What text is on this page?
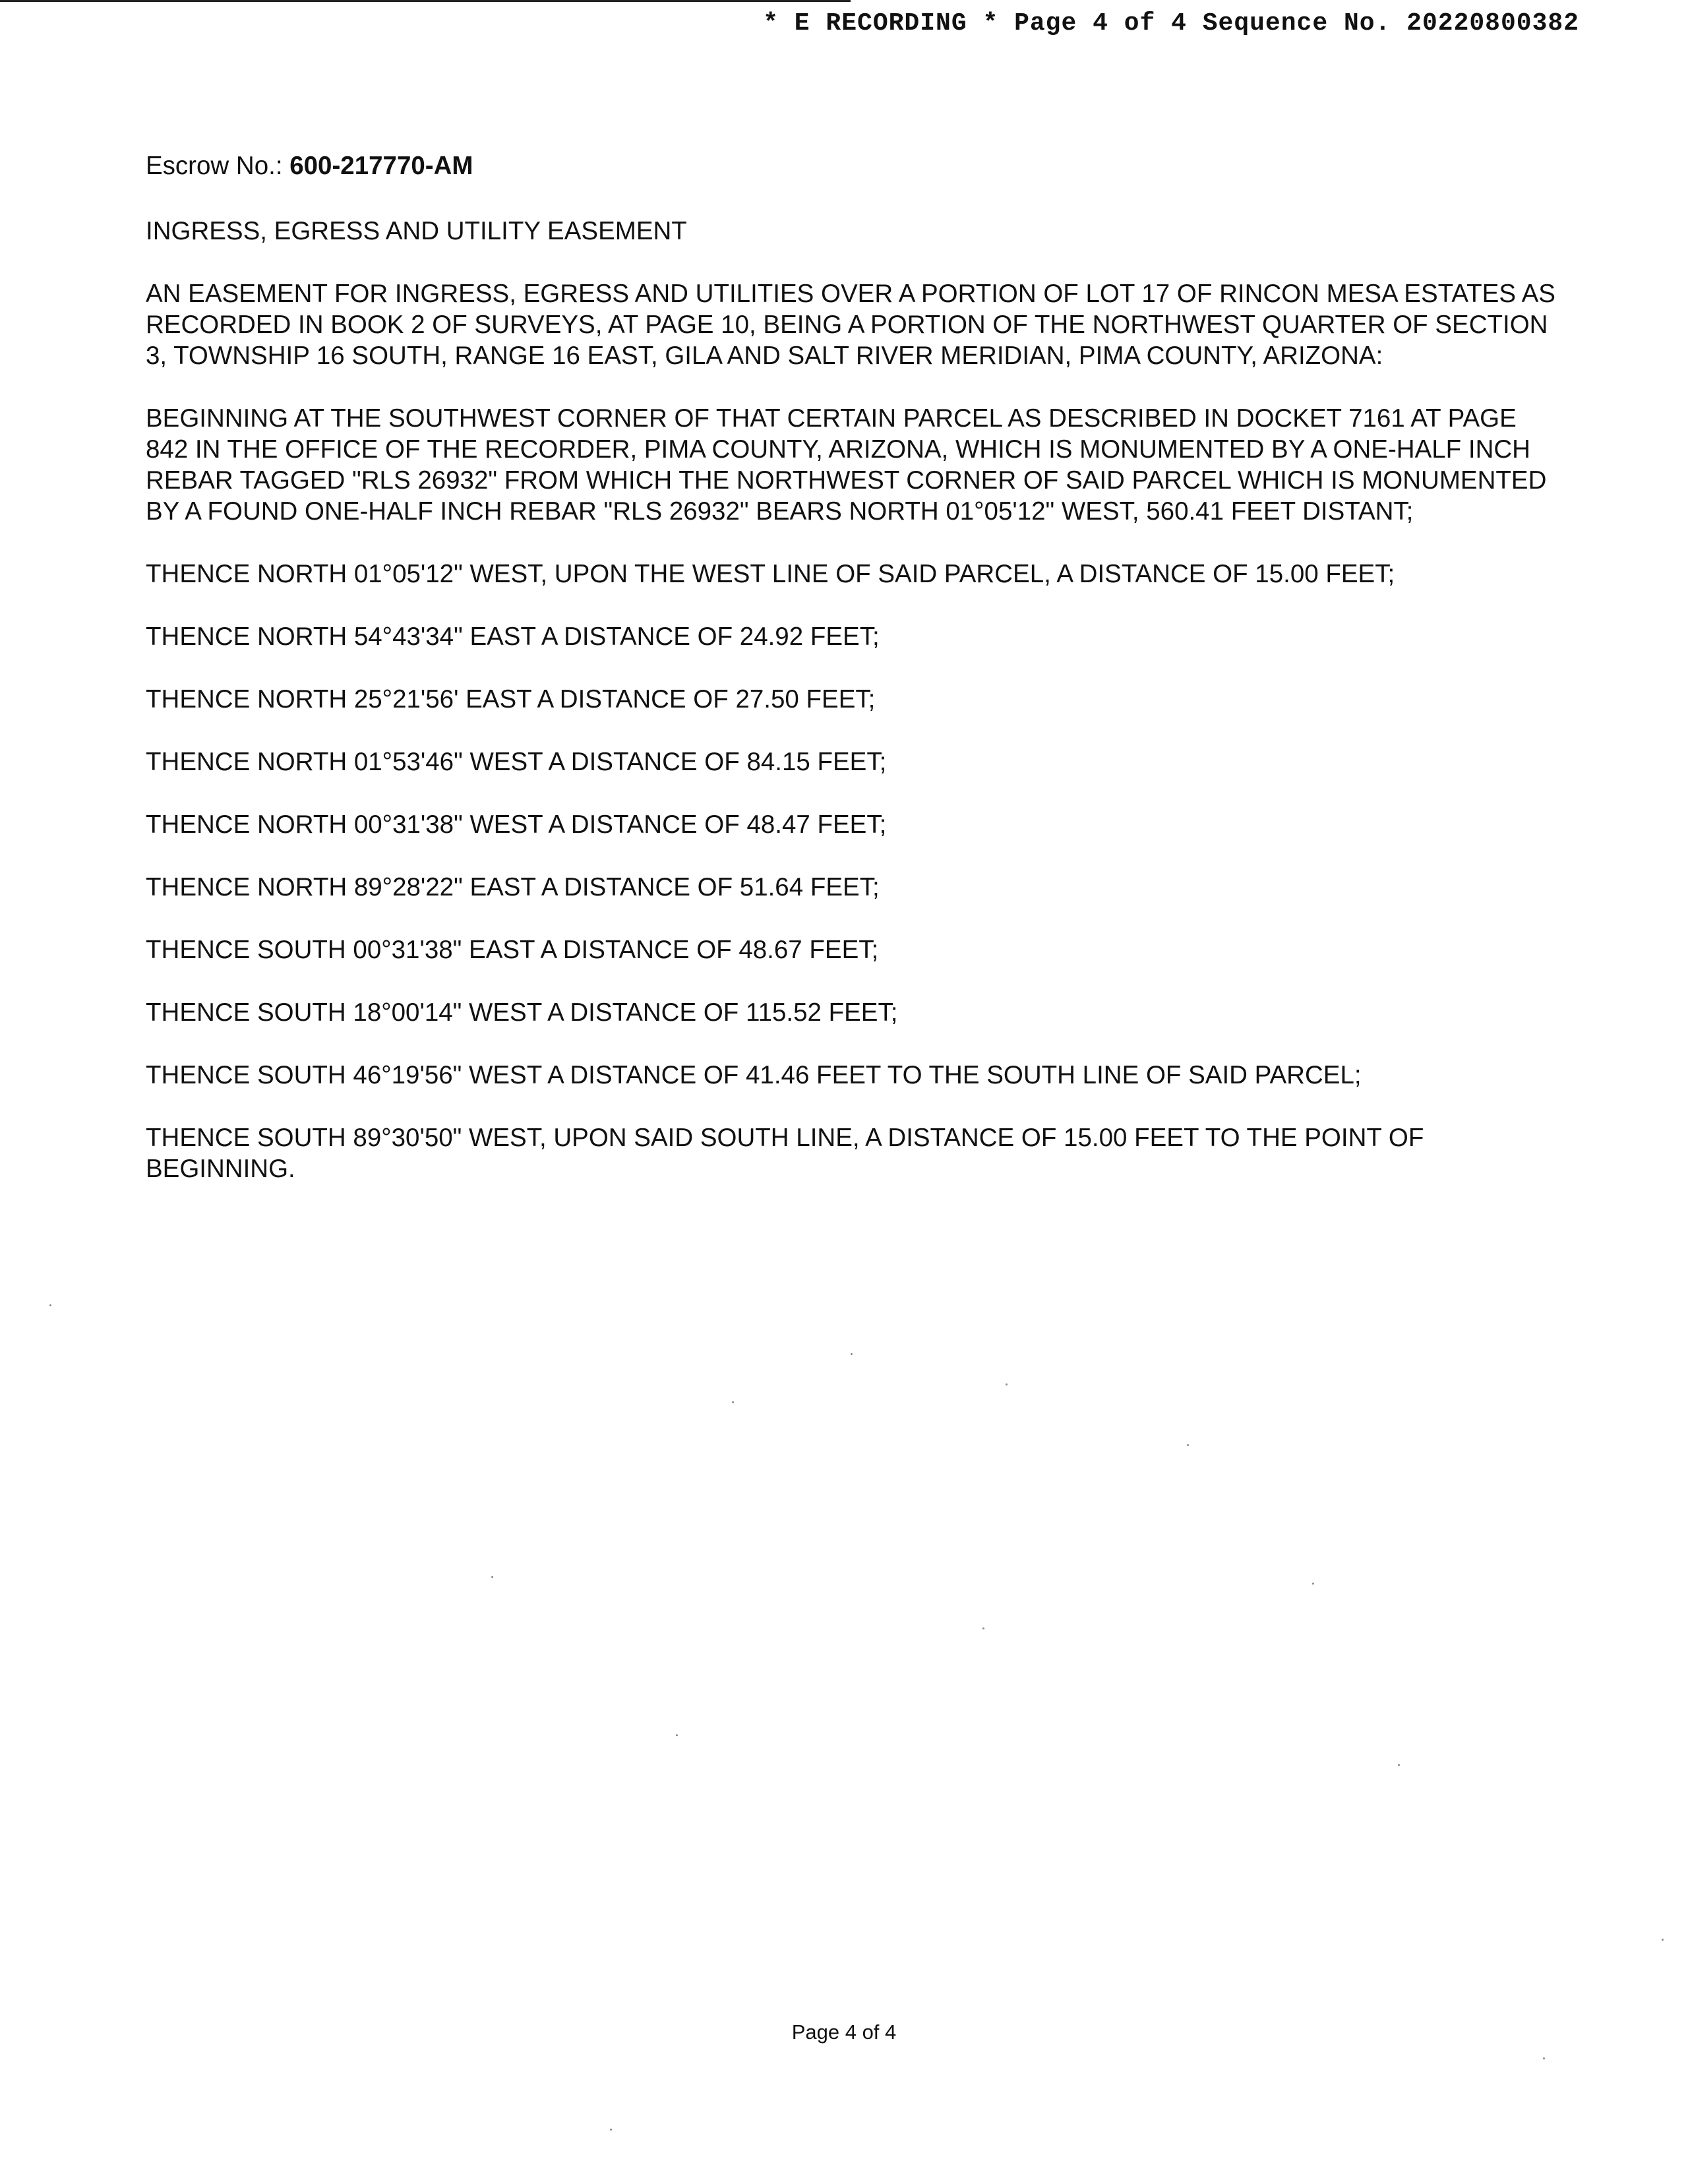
* E RECORDING * Page 4 of 4 Sequence No. 20220800382
Escrow No.: 600-217770-AM
INGRESS, EGRESS AND UTILITY EASEMENT
AN EASEMENT FOR INGRESS, EGRESS AND UTILITIES OVER A PORTION OF LOT 17 OF RINCON MESA ESTATES AS RECORDED IN BOOK 2 OF SURVEYS, AT PAGE 10, BEING A PORTION OF THE NORTHWEST QUARTER OF SECTION 3, TOWNSHIP 16 SOUTH, RANGE 16 EAST, GILA AND SALT RIVER MERIDIAN, PIMA COUNTY, ARIZONA:
BEGINNING AT THE SOUTHWEST CORNER OF THAT CERTAIN PARCEL AS DESCRIBED IN DOCKET 7161 AT PAGE 842 IN THE OFFICE OF THE RECORDER, PIMA COUNTY, ARIZONA, WHICH IS MONUMENTED BY A ONE-HALF INCH REBAR TAGGED "RLS 26932" FROM WHICH THE NORTHWEST CORNER OF SAID PARCEL WHICH IS MONUMENTED BY A FOUND ONE-HALF INCH REBAR "RLS 26932" BEARS NORTH 01°05'12" WEST, 560.41 FEET DISTANT;
THENCE NORTH 01°05'12" WEST, UPON THE WEST LINE OF SAID PARCEL, A DISTANCE OF 15.00 FEET;
THENCE NORTH 54°43'34" EAST A DISTANCE OF 24.92 FEET;
THENCE NORTH 25°21'56' EAST A DISTANCE OF 27.50 FEET;
THENCE NORTH 01°53'46" WEST A DISTANCE OF 84.15 FEET;
THENCE NORTH 00°31'38" WEST A DISTANCE OF 48.47 FEET;
THENCE NORTH 89°28'22" EAST A DISTANCE OF 51.64 FEET;
THENCE SOUTH 00°31'38" EAST A DISTANCE OF 48.67 FEET;
THENCE SOUTH 18°00'14" WEST A DISTANCE OF 115.52 FEET;
THENCE SOUTH 46°19'56" WEST A DISTANCE OF 41.46 FEET TO THE SOUTH LINE OF SAID PARCEL;
THENCE SOUTH 89°30'50" WEST, UPON SAID SOUTH LINE, A DISTANCE OF 15.00 FEET TO THE POINT OF BEGINNING.
Page 4 of 4
